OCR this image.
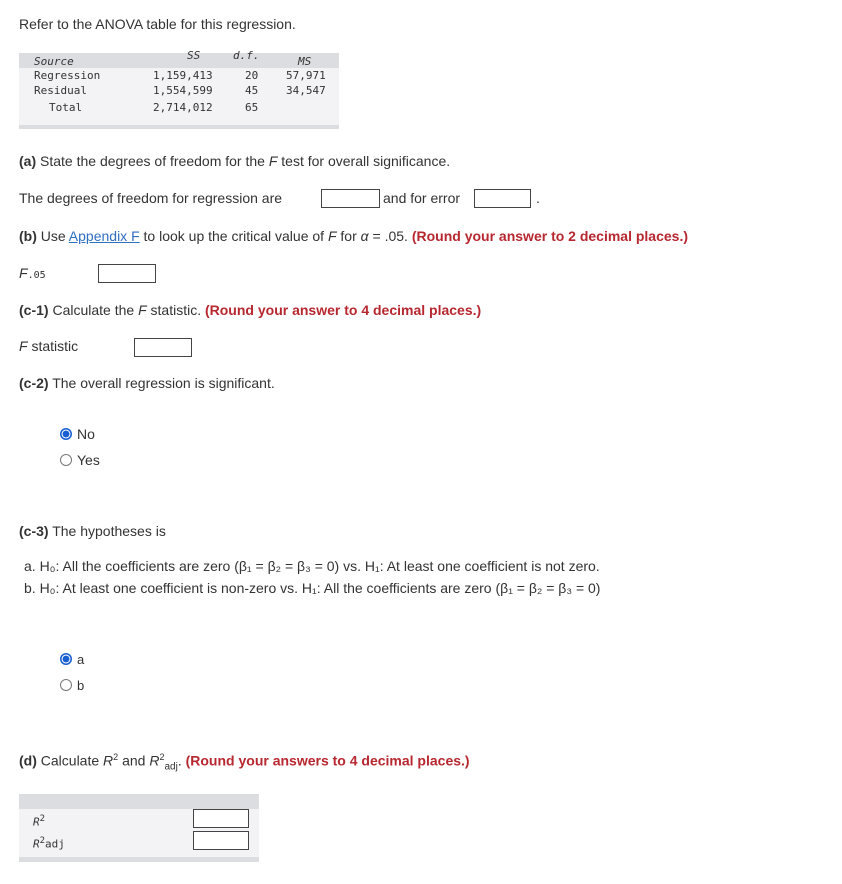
Refer to the ANOVA table for this regression.
Source	SS	d.f.	MS
Regression	1,159,413	20	57,971
Residual	1,554,599	45	34,547
Total	2,714,012	65
(a) State the degrees of freedom for the F test for overall significance.
The degrees of freedom for regression are	and for error	.
(b) Use Appendix F to look up the critical value of F for α = .05. (Round your answer to 2 decimal places.)
F.05
(c-1) Calculate the F statistic. (Round your answer to 4 decimal places.)
F statistic
(c-2) The overall regression is significant.
No
Yes
(c-3) The hypotheses is
a. H₀: All the coefficients are zero (β₁ = β₂ = β₃ = 0) vs. H₁: At least one coefficient is not zero.
b. H₀: At least one coefficient is non-zero vs. H₁: All the coefficients are zero (β₁ = β₂ = β₃ = 0)
a
b
(d) Calculate $R^2$ and $R^2_{adj}$. (Round your answers to 4 decimal places.)
$R^2$
$R^2adj$
